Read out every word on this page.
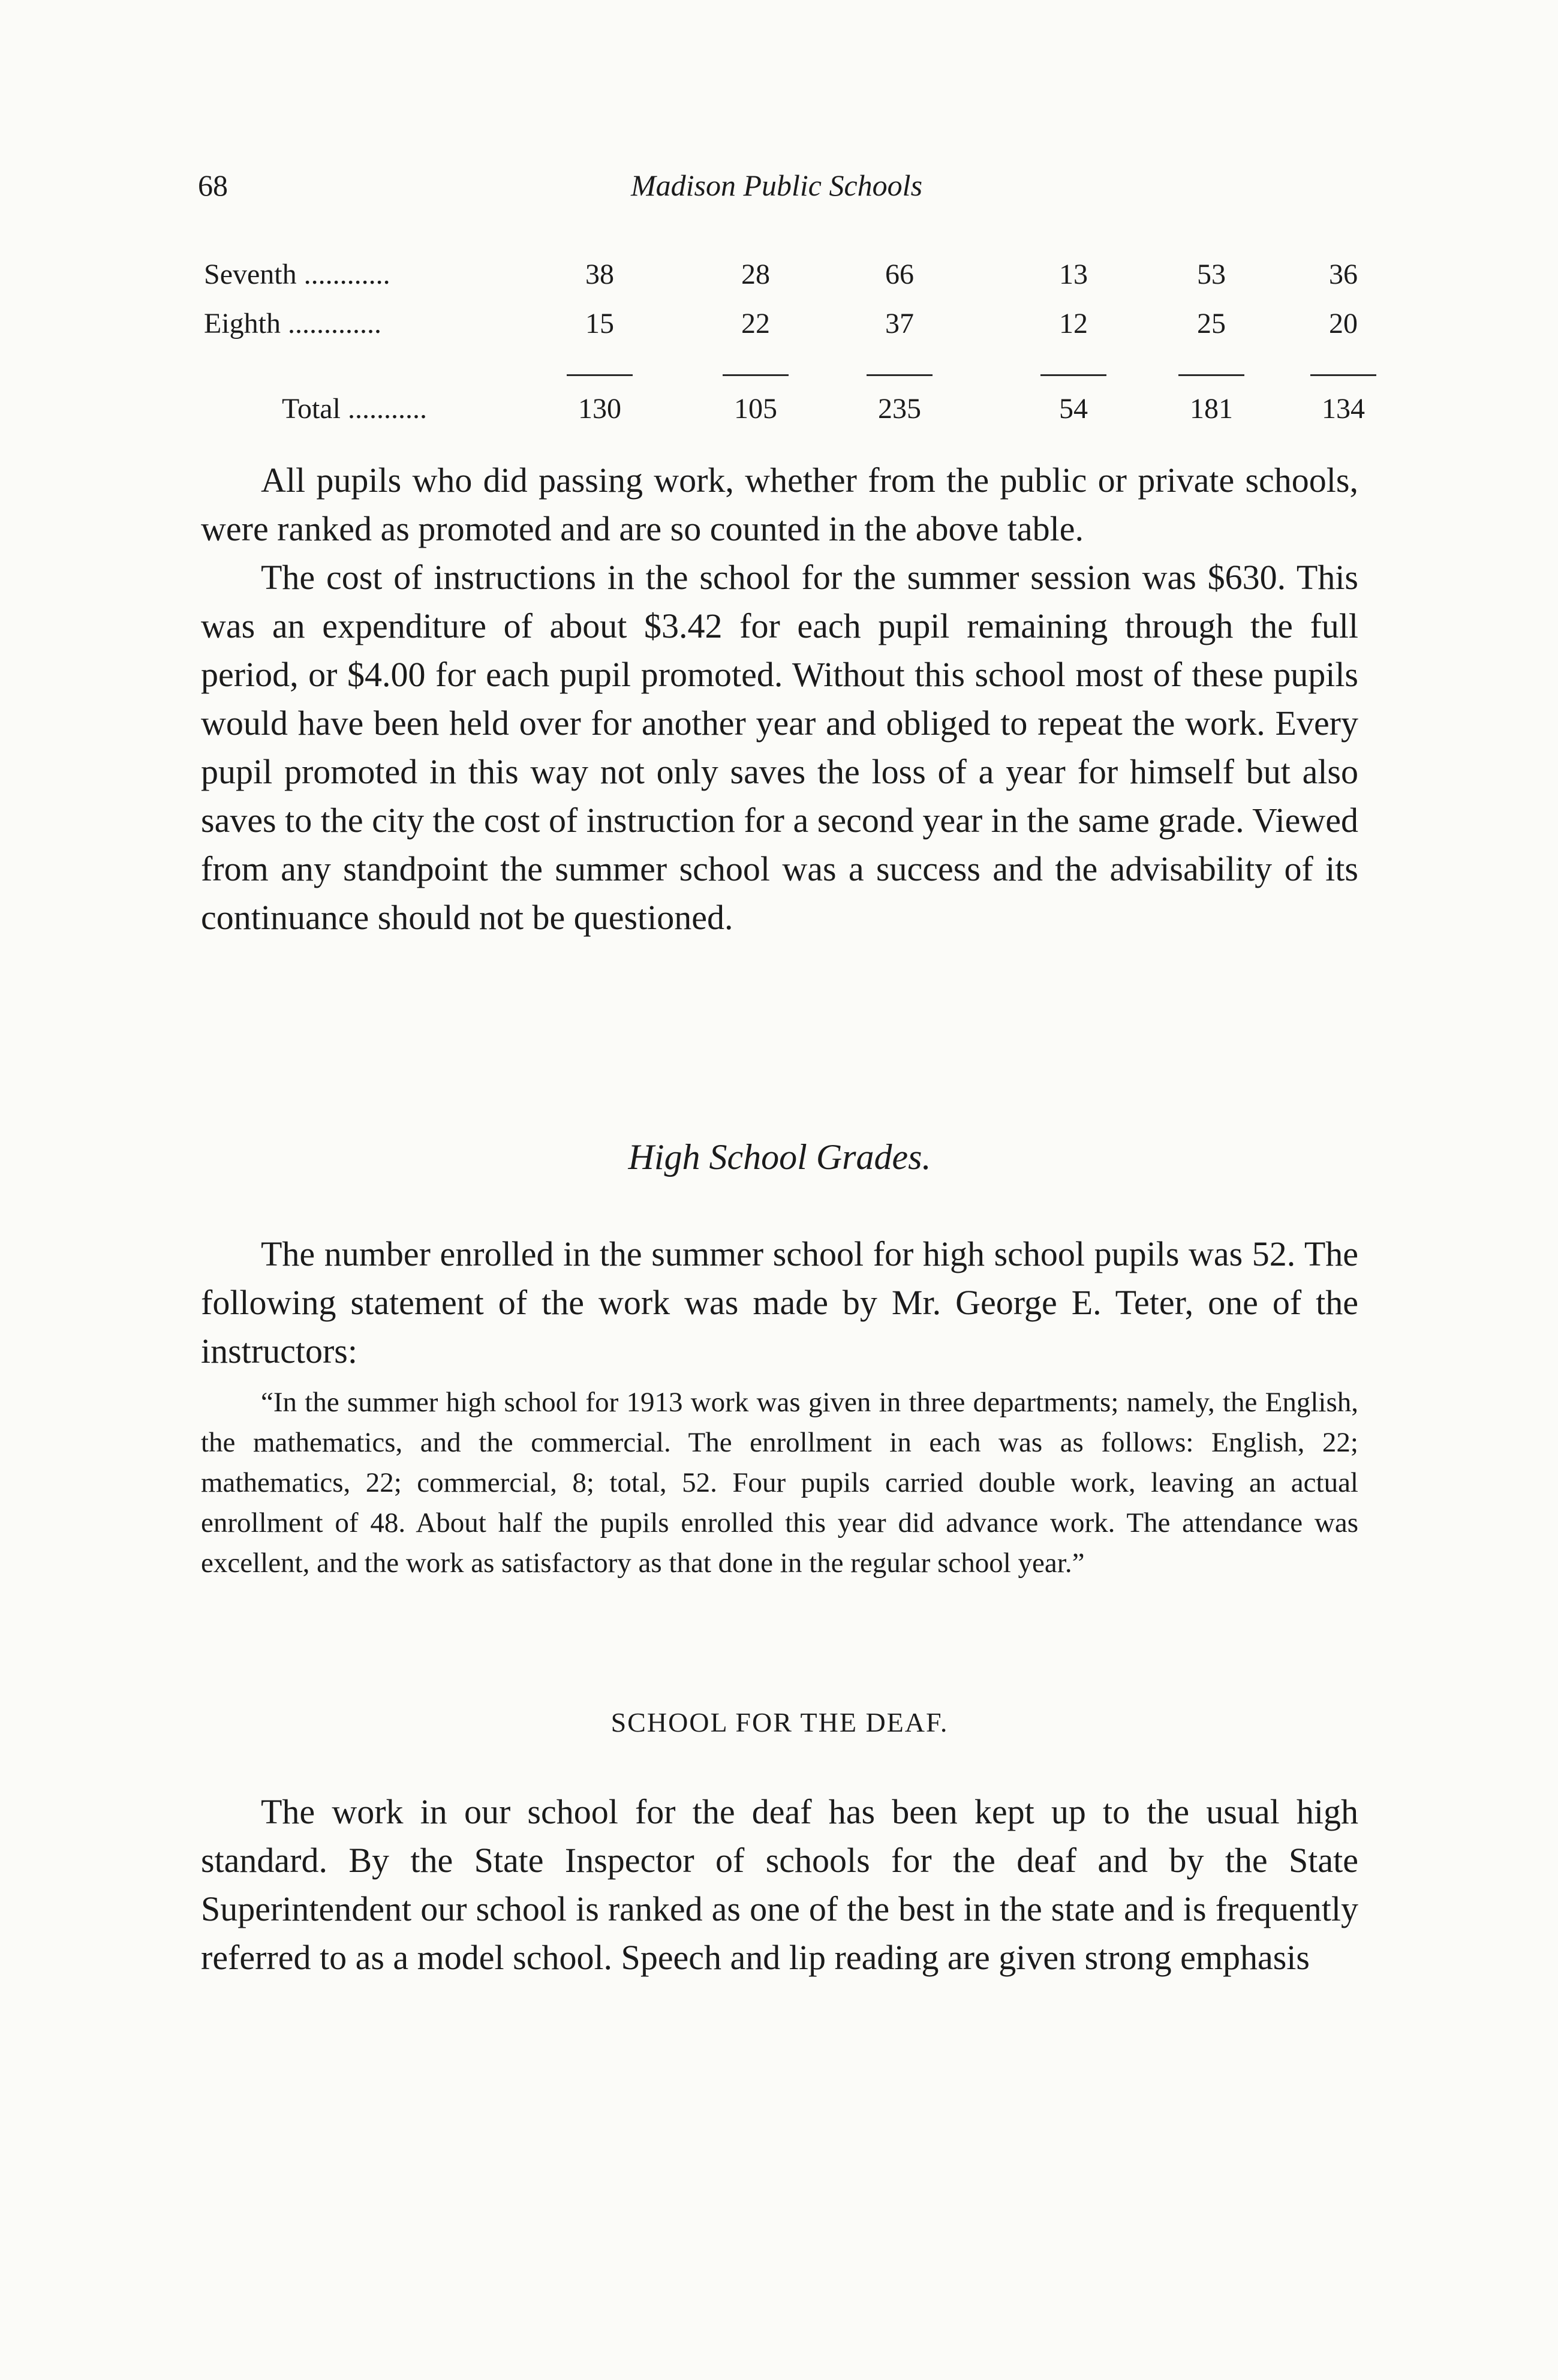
68	Madison Public Schools
Seventh ............	38	28	66	13	53	36
Eighth .............	15	22	37	12	25	20
Total ...........	130	105	235	54	181	134

All pupils who did passing work, whether from the public or private schools, were ranked as promoted and are so counted in the above table.

The cost of instructions in the school for the summer session was $630. This was an expenditure of about $3.42 for each pupil remaining through the full period, or $4.00 for each pupil promoted. Without this school most of these pupils would have been held over for another year and obliged to repeat the work. Every pupil promoted in this way not only saves the loss of a year for himself but also saves to the city the cost of instruction for a second year in the same grade. Viewed from any standpoint the summer school was a success and the advisability of its continuance should not be questioned.

High School Grades.

The number enrolled in the summer school for high school pupils was 52. The following statement of the work was made by Mr. George E. Teter, one of the instructors:

“In the summer high school for 1913 work was given in three departments; namely, the English, the mathematics, and the commercial. The enrollment in each was as follows: English, 22; mathematics, 22; commercial, 8; total, 52. Four pupils carried double work, leaving an actual enrollment of 48. About half the pupils enrolled this year did advance work. The attendance was excellent, and the work as satisfactory as that done in the regular school year.”

SCHOOL FOR THE DEAF.

The work in our school for the deaf has been kept up to the usual high standard. By the State Inspector of schools for the deaf and by the State Superintendent our school is ranked as one of the best in the state and is frequently referred to as a model school. Speech and lip reading are given strong emphasis
